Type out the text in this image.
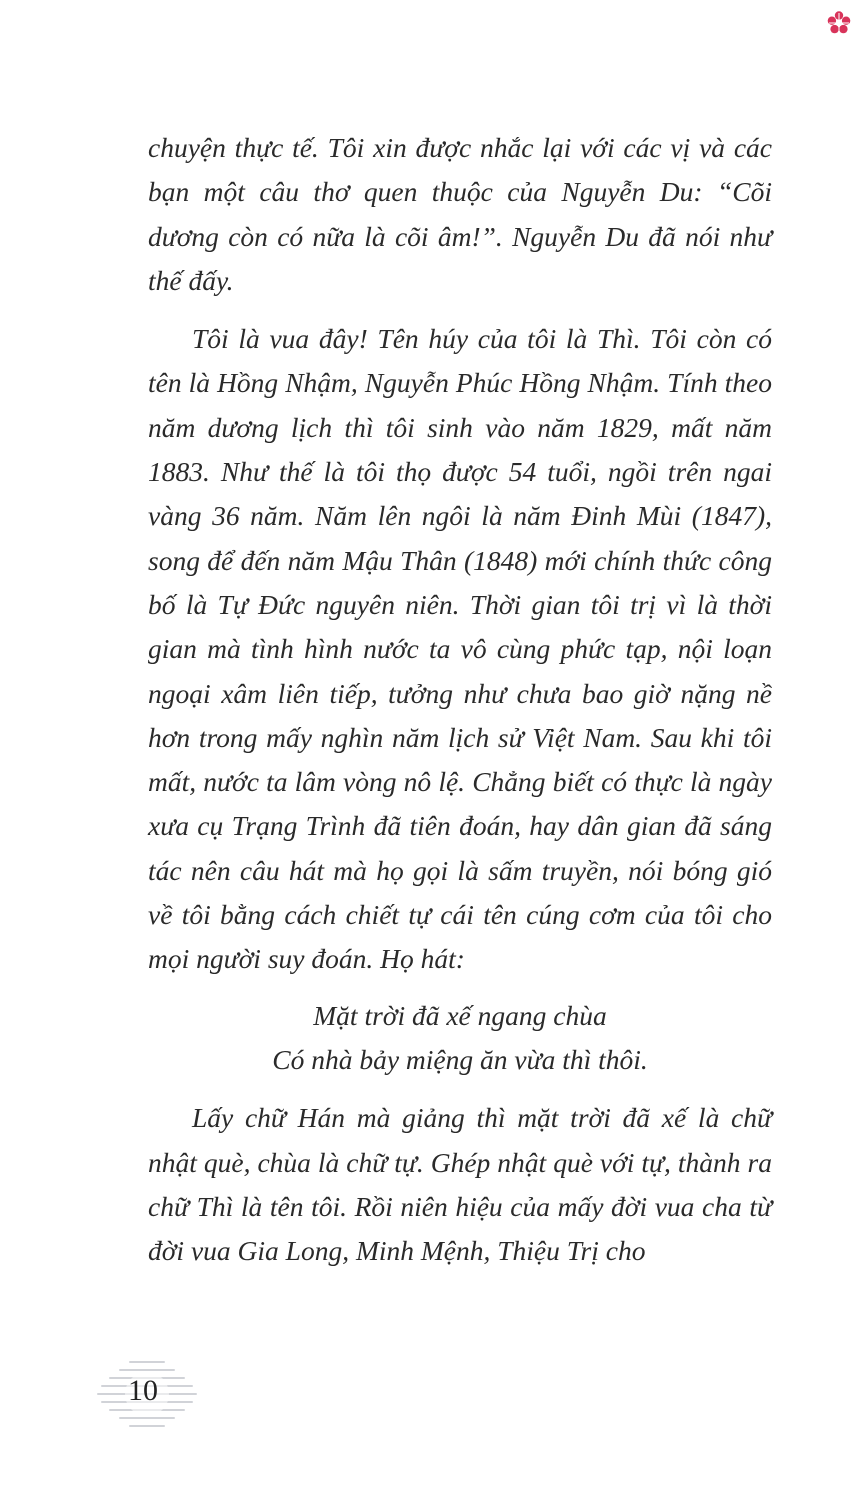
chuyện thực tế. Tôi xin được nhắc lại với các vị và các bạn một câu thơ quen thuộc của Nguyễn Du: “Cõi dương còn có nữa là cõi âm!”. Nguyễn Du đã nói như thế đấy.

Tôi là vua đây! Tên húy của tôi là Thì. Tôi còn có tên là Hồng Nhậm, Nguyễn Phúc Hồng Nhậm. Tính theo năm dương lịch thì tôi sinh vào năm 1829, mất năm 1883. Như thế là tôi thọ được 54 tuổi, ngồi trên ngai vàng 36 năm. Năm lên ngôi là năm Đinh Mùi (1847), song để đến năm Mậu Thân (1848) mới chính thức công bố là Tự Đức nguyên niên. Thời gian tôi trị vì là thời gian mà tình hình nước ta vô cùng phức tạp, nội loạn ngoại xâm liên tiếp, tưởng như chưa bao giờ nặng nề hơn trong mấy nghìn năm lịch sử Việt Nam. Sau khi tôi mất, nước ta lâm vòng nô lệ. Chẳng biết có thực là ngày xưa cụ Trạng Trình đã tiên đoán, hay dân gian đã sáng tác nên câu hát mà họ gọi là sấm truyền, nói bóng gió về tôi bằng cách chiết tự cái tên cúng cơm của tôi cho mọi người suy đoán. Họ hát:

Mặt trời đã xế ngang chùa
Có nhà bảy miệng ăn vừa thì thôi.

Lấy chữ Hán mà giảng thì mặt trời đã xế là chữ nhật què, chùa là chữ tự. Ghép nhật què với tự, thành ra chữ Thì là tên tôi. Rồi niên hiệu của mấy đời vua cha từ đời vua Gia Long, Minh Mệnh, Thiệu Trị cho

10
